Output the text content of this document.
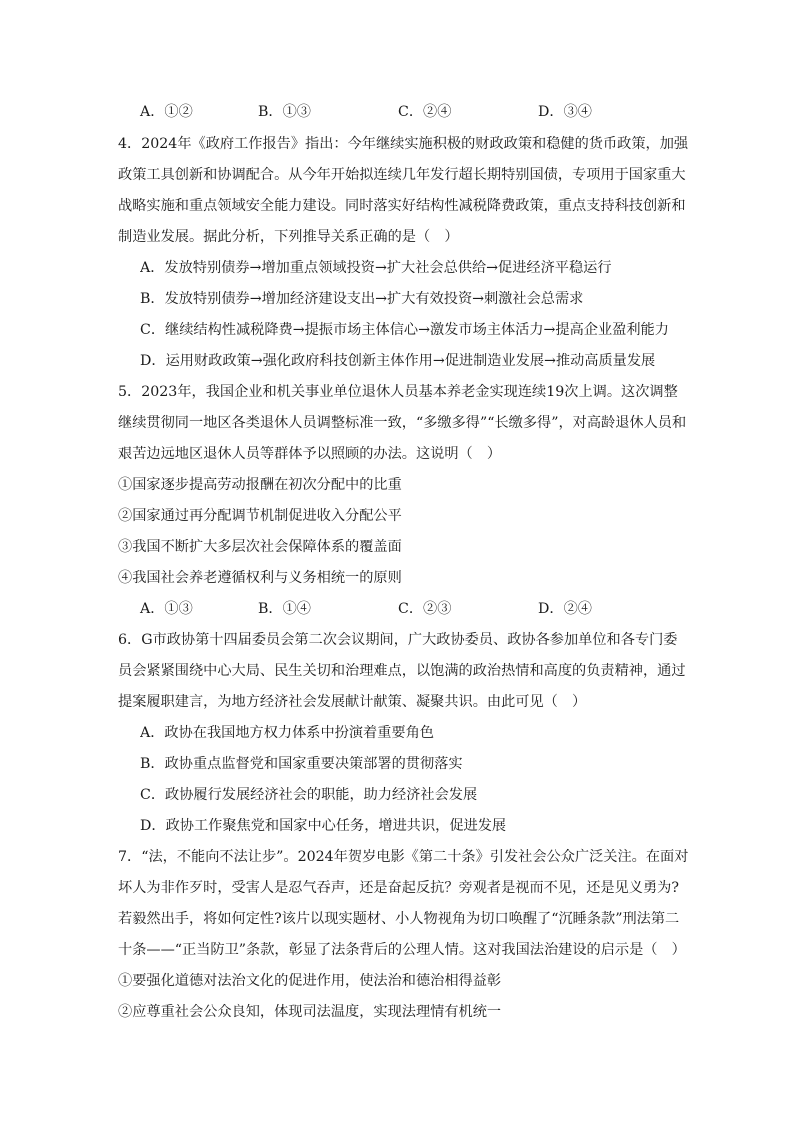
A．①②	B．①③	C．②④	D．③④
4．2024年《政府工作报告》指出：今年继续实施积极的财政政策和稳健的货币政策，加强
政策工具创新和协调配合。从今年开始拟连续几年发行超长期特别国债，专项用于国家重大
战略实施和重点领域安全能力建设。同时落实好结构性减税降费政策，重点支持科技创新和
制造业发展。据此分析，下列推导关系正确的是（　）
A．发放特别债券→增加重点领域投资→扩大社会总供给→促进经济平稳运行
B．发放特别债券→增加经济建设支出→扩大有效投资→刺激社会总需求
C．继续结构性减税降费→提振市场主体信心→激发市场主体活力→提高企业盈利能力
D．运用财政政策→强化政府科技创新主体作用→促进制造业发展→推动高质量发展
5．2023年，我国企业和机关事业单位退休人员基本养老金实现连续19次上调。这次调整
继续贯彻同一地区各类退休人员调整标准一致，“多缴多得”“长缴多得”，对高龄退休人员和
艰苦边远地区退休人员等群体予以照顾的办法。这说明（　）
①国家逐步提高劳动报酬在初次分配中的比重
②国家通过再分配调节机制促进收入分配公平
③我国不断扩大多层次社会保障体系的覆盖面
④我国社会养老遵循权利与义务相统一的原则
A．①③	B．①④	C．②③	D．②④
6．G市政协第十四届委员会第二次会议期间，广大政协委员、政协各参加单位和各专门委
员会紧紧围绕中心大局、民生关切和治理难点，以饱满的政治热情和高度的负责精神，通过
提案履职建言，为地方经济社会发展献计献策、凝聚共识。由此可见（　）
A．政协在我国地方权力体系中扮演着重要角色
B．政协重点监督党和国家重要决策部署的贯彻落实
C．政协履行发展经济社会的职能，助力经济社会发展
D．政协工作聚焦党和国家中心任务，增进共识，促进发展
7．“法，不能向不法让步”。2024年贺岁电影《第二十条》引发社会公众广泛关注。在面对
坏人为非作歹时，受害人是忍气吞声，还是奋起反抗？旁观者是视而不见，还是见义勇为?
若毅然出手，将如何定性?该片以现实题材、小人物视角为切口唤醒了“沉睡条款”刑法第二
十条——“正当防卫”条款，彰显了法条背后的公理人情。这对我国法治建设的启示是（　）
①要强化道德对法治文化的促进作用，使法治和德治相得益彰
②应尊重社会公众良知，体现司法温度，实现法理情有机统一
